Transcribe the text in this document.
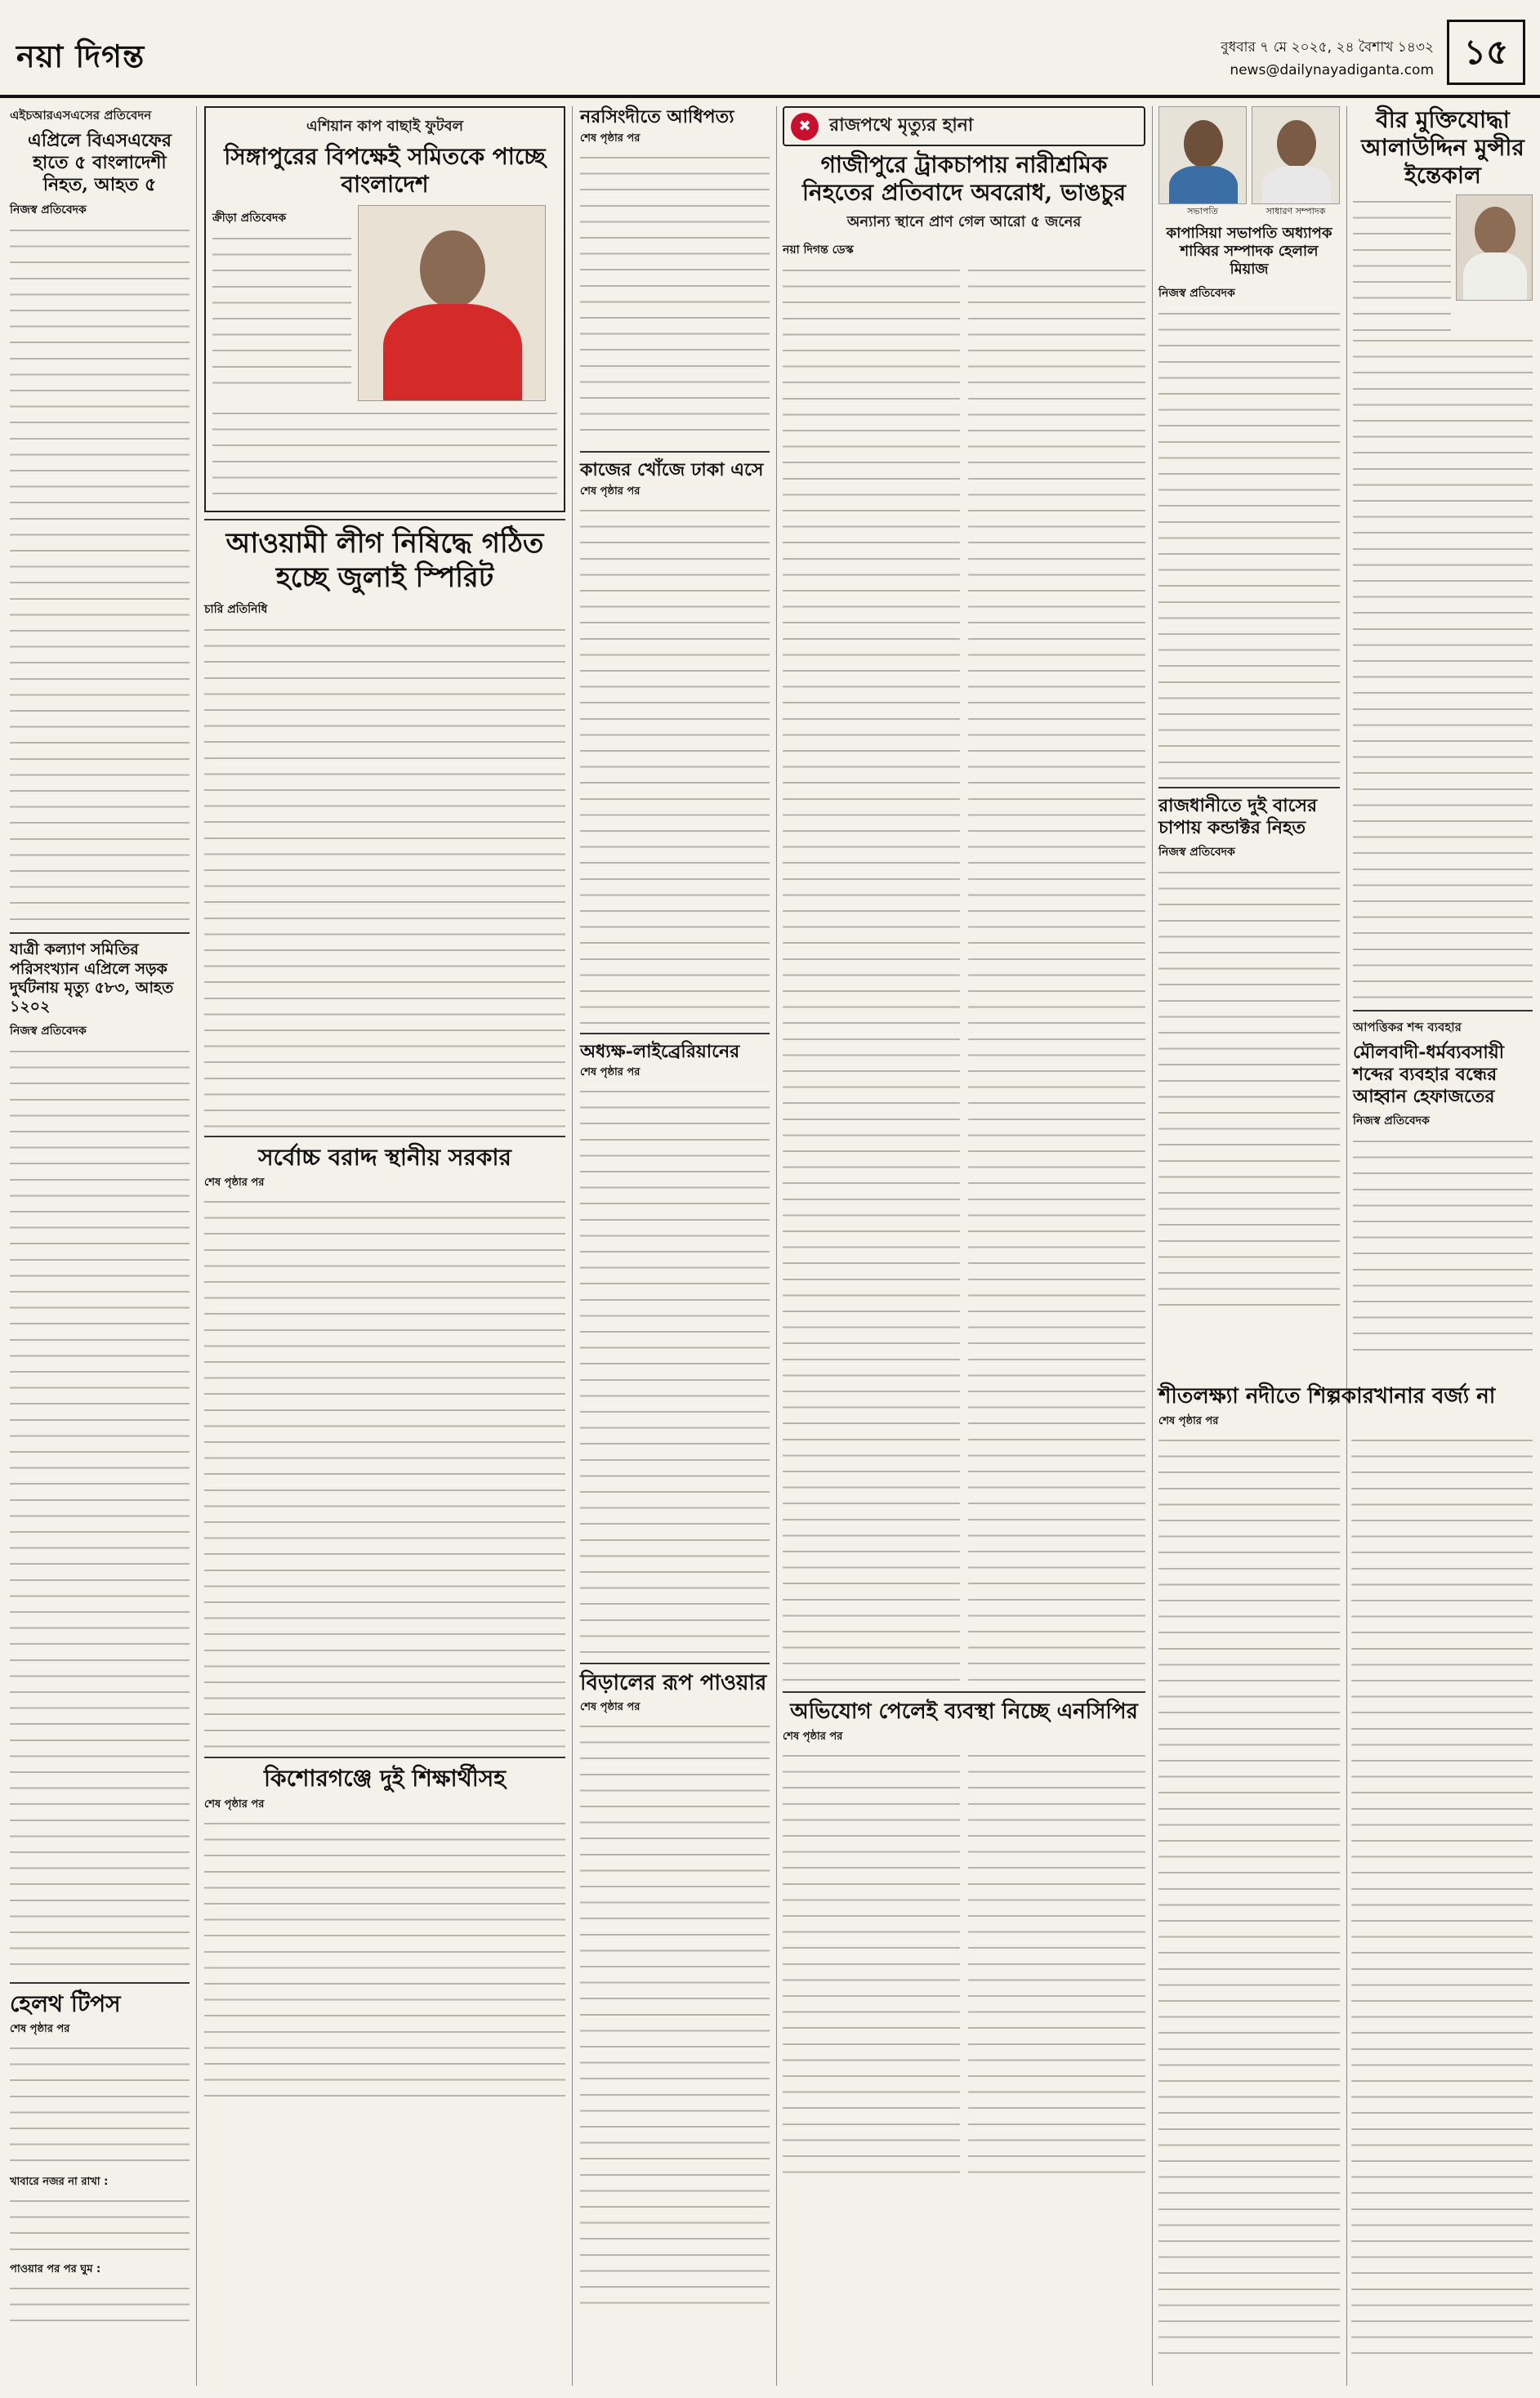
নয়া দিগন্ত	বুধবার ৭ মে ২০২৫, ২৪ বৈশাখ ১৪৩২
news@dailynayadiganta.com ১৫
এইচআরএসএসের প্রতিবেদন
এপ্রিলে বিএসএফের হাতে ৫ বাংলাদেশী নিহত, আহত ৫
নিজস্ব প্রতিবেদক
যাত্রী কল্যাণ সমিতির পরিসংখ্যান এপ্রিলে সড়ক দুর্ঘটনায় মৃত্যু ৫৮৩, আহত ১২০২
নিজস্ব প্রতিবেদক
হেলথ টিপস
শেষ পৃষ্ঠার পর
খাবারে নজর না রাখা :
পাওয়ার পর পর ঘুম :
এশিয়ান কাপ বাছাই ফুটবল
সিঙ্গাপুরের বিপক্ষেই সমিতকে পাচ্ছে বাংলাদেশ
ক্রীড়া প্রতিবেদক
আওয়ামী লীগ নিষিদ্ধে গঠিত হচ্ছে জুলাই স্পিরিট
চারি প্রতিনিধি
সর্বোচ্চ বরাদ্দ স্থানীয় সরকার
শেষ পৃষ্ঠার পর
কিশোরগঞ্জে দুই শিক্ষার্থীসহ
শেষ পৃষ্ঠার পর
নরসিংদীতে আধিপত্য
শেষ পৃষ্ঠার পর
কাজের খোঁজে ঢাকা এসে
শেষ পৃষ্ঠার পর
অধ্যক্ষ-লাইব্রেরিয়ানের
শেষ পৃষ্ঠার পর
বিড়ালের রূপ পাওয়ার
শেষ পৃষ্ঠার পর
✖ রাজপথে মৃত্যুর হানা
গাজীপুরে ট্রাকচাপায় নারীশ্রমিক নিহতের প্রতিবাদে অবরোধ, ভাঙচুর
অন্যান্য স্থানে প্রাণ গেল আরো ৫ জনের
নয়া দিগন্ত ডেস্ক
অভিযোগ পেলেই ব্যবস্থা নিচ্ছে এনসিপির
শেষ পৃষ্ঠার পর
সভাপতি	সাধারণ সম্পাদক
কাপাসিয়া সভাপতি অধ্যাপক শাব্বির সম্পাদক হেলাল মিয়াজ
নিজস্ব প্রতিবেদক
রাজধানীতে দুই বাসের চাপায় কন্ডাক্টর নিহত
নিজস্ব প্রতিবেদক
শীতলক্ষ্যা নদীতে শিল্পকারখানার বর্জ্য না
শেষ পৃষ্ঠার পর
বীর মুক্তিযোদ্ধা আলাউদ্দিন মুন্সীর ইন্তেকাল
আপত্তিকর শব্দ ব্যবহার
মৌলবাদী-ধর্মব্যবসায়ী শব্দের ব্যবহার বন্ধের আহ্বান হেফাজতের
নিজস্ব প্রতিবেদক
